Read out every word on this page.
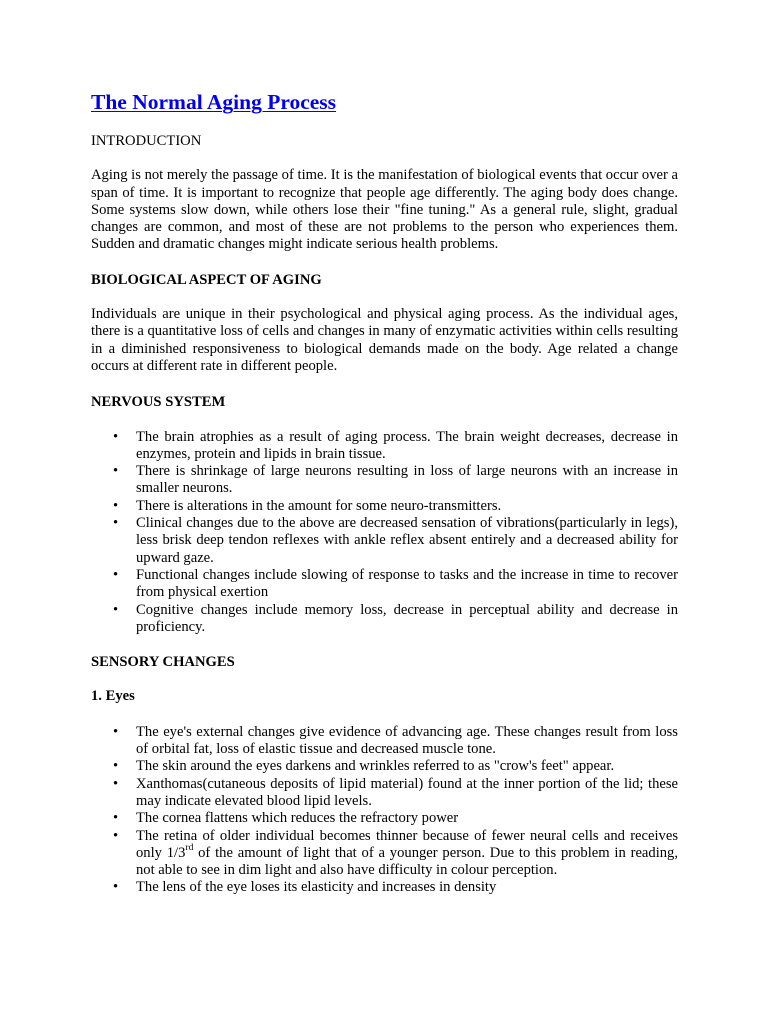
The Normal Aging Process

INTRODUCTION

Aging is not merely the passage of time. It is the manifestation of biological events that occur over a span of time. It is important to recognize that people age differently. The aging body does change. Some systems slow down, while others lose their "fine tuning." As a general rule, slight, gradual changes are common, and most of these are not problems to the person who experiences them. Sudden and dramatic changes might indicate serious health problems.

BIOLOGICAL ASPECT OF AGING

Individuals are unique in their psychological and physical aging process. As the individual ages, there is a quantitative loss of cells and changes in many of enzymatic activities within cells resulting in a diminished responsiveness to biological demands made on the body. Age related a change occurs at different rate in different people.

NERVOUS SYSTEM

• The brain atrophies as a result of aging process. The brain weight decreases, decrease in enzymes, protein and lipids in brain tissue.
• There is shrinkage of large neurons resulting in loss of large neurons with an increase in smaller neurons.
• There is alterations in the amount for some neuro-transmitters.
• Clinical changes due to the above are decreased sensation of vibrations(particularly in legs), less brisk deep tendon reflexes with ankle reflex absent entirely and a decreased ability for upward gaze.
• Functional changes include slowing of response to tasks and the increase in time to recover from physical exertion
• Cognitive changes include memory loss, decrease in perceptual ability and decrease in proficiency.

SENSORY CHANGES

1. Eyes

• The eye's external changes give evidence of advancing age. These changes result from loss of orbital fat, loss of elastic tissue and decreased muscle tone.
• The skin around the eyes darkens and wrinkles referred to as "crow's feet" appear.
• Xanthomas(cutaneous deposits of lipid material) found at the inner portion of the lid; these may indicate elevated blood lipid levels.
• The cornea flattens which reduces the refractory power
• The retina of older individual becomes thinner because of fewer neural cells and receives only 1/3rd of the amount of light that of a younger person. Due to this problem in reading, not able to see in dim light and also have difficulty in colour perception.
• The lens of the eye loses its elasticity and increases in density
